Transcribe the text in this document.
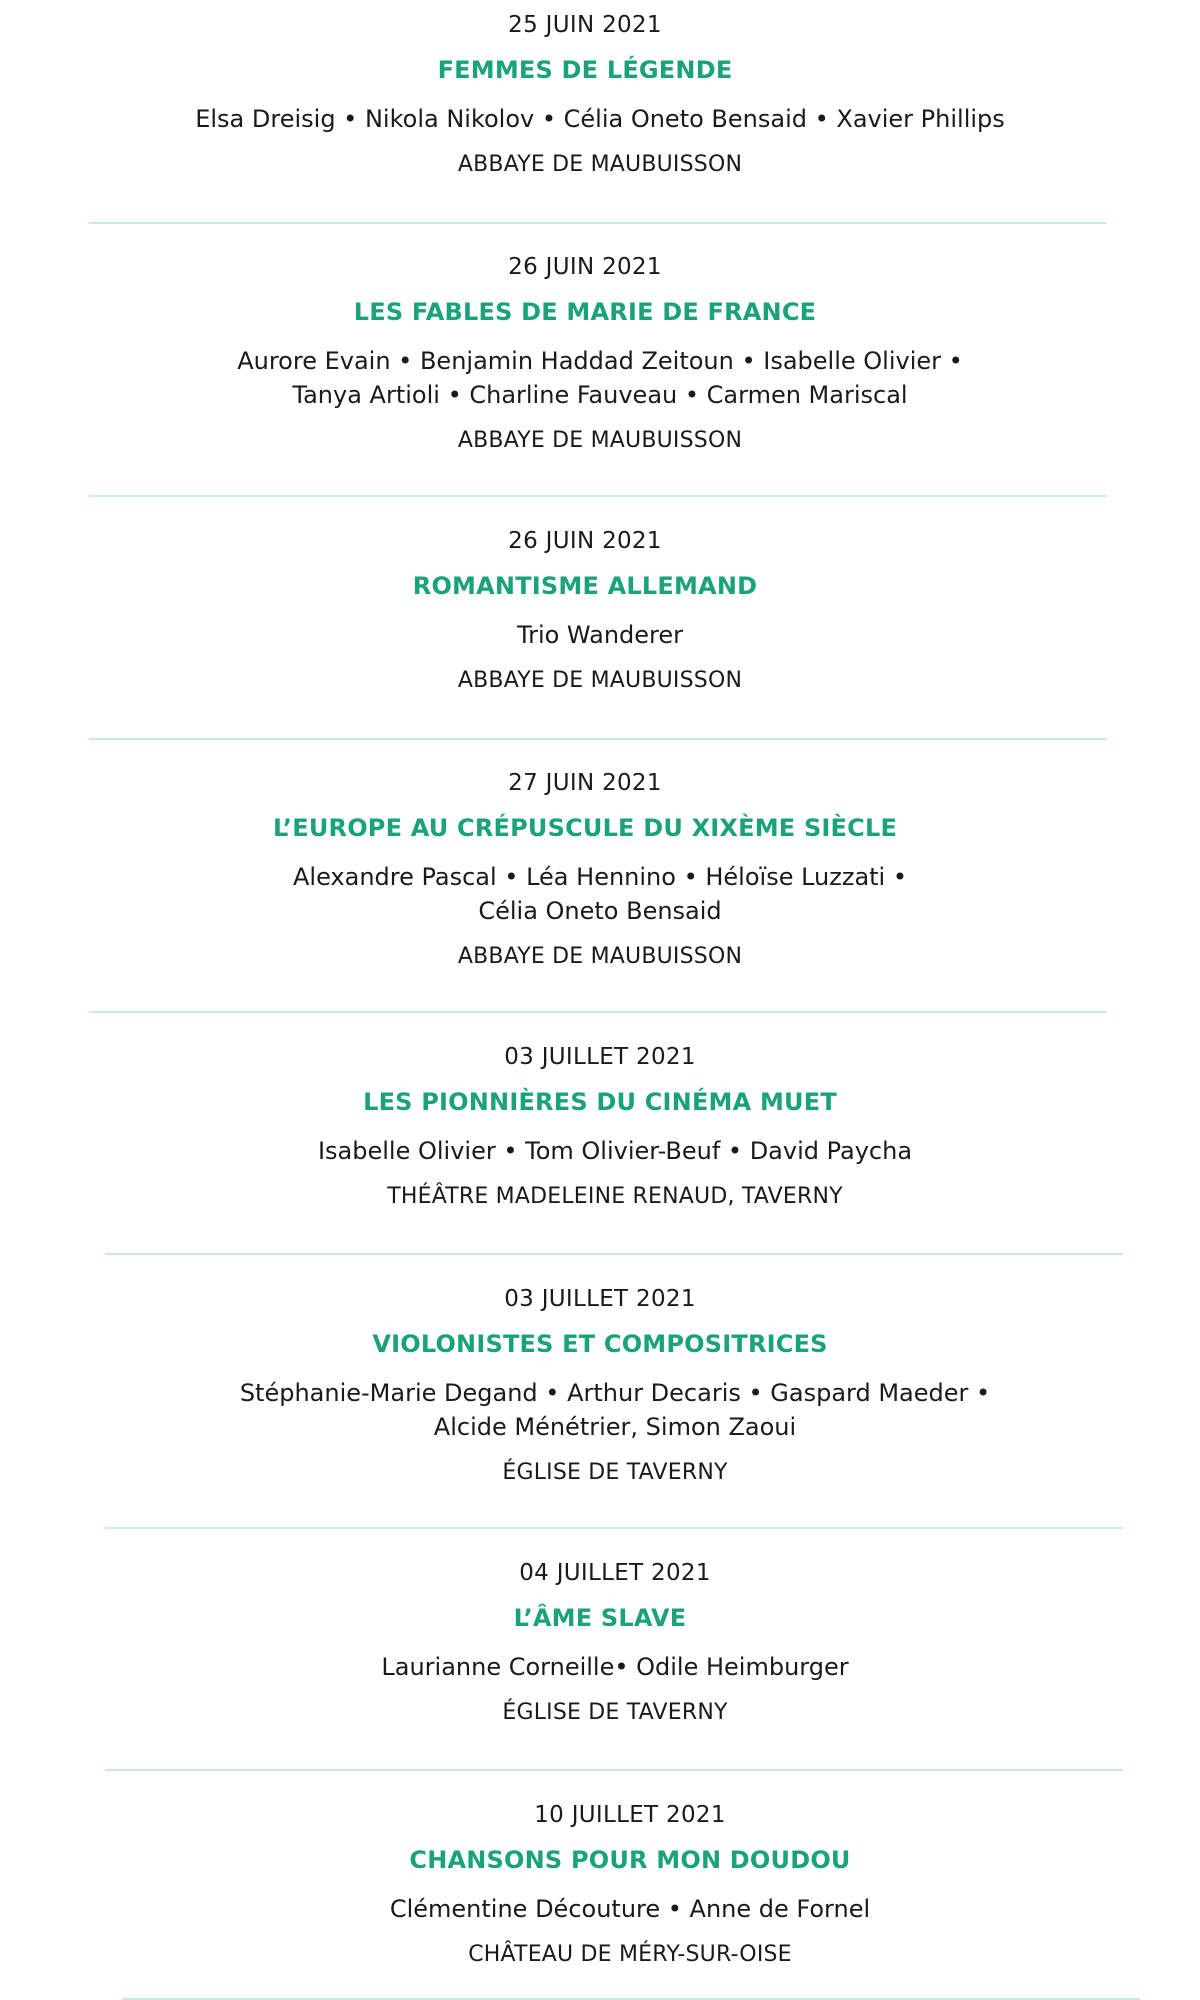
25 JUIN 2021
FEMMES DE LÉGENDE
Elsa Dreisig • Nikola Nikolov • Célia Oneto Bensaid • Xavier Phillips
ABBAYE DE MAUBUISSON
26 JUIN 2021
LES FABLES DE MARIE DE FRANCE
Aurore Evain • Benjamin Haddad Zeitoun • Isabelle Olivier •
Tanya Artioli • Charline Fauveau • Carmen Mariscal
ABBAYE DE MAUBUISSON
26 JUIN 2021
ROMANTISME ALLEMAND
Trio Wanderer
ABBAYE DE MAUBUISSON
27 JUIN 2021
L’EUROPE AU CRÉPUSCULE DU XIXÈME SIÈCLE
Alexandre Pascal • Léa Hennino • Héloïse Luzzati •
Célia Oneto Bensaid
ABBAYE DE MAUBUISSON
03 JUILLET 2021
LES PIONNIÈRES DU CINÉMA MUET
Isabelle Olivier • Tom Olivier-Beuf • David Paycha
THÉÂTRE MADELEINE RENAUD, TAVERNY
03 JUILLET 2021
VIOLONISTES ET COMPOSITRICES
Stéphanie-Marie Degand • Arthur Decaris • Gaspard Maeder •
Alcide Ménétrier, Simon Zaoui
ÉGLISE DE TAVERNY
04 JUILLET 2021
L’ÂME SLAVE
Laurianne Corneille• Odile Heimburger
ÉGLISE DE TAVERNY
10 JUILLET 2021
CHANSONS POUR MON DOUDOU
Clémentine Découture • Anne de Fornel
CHÂTEAU DE MÉRY-SUR-OISE
